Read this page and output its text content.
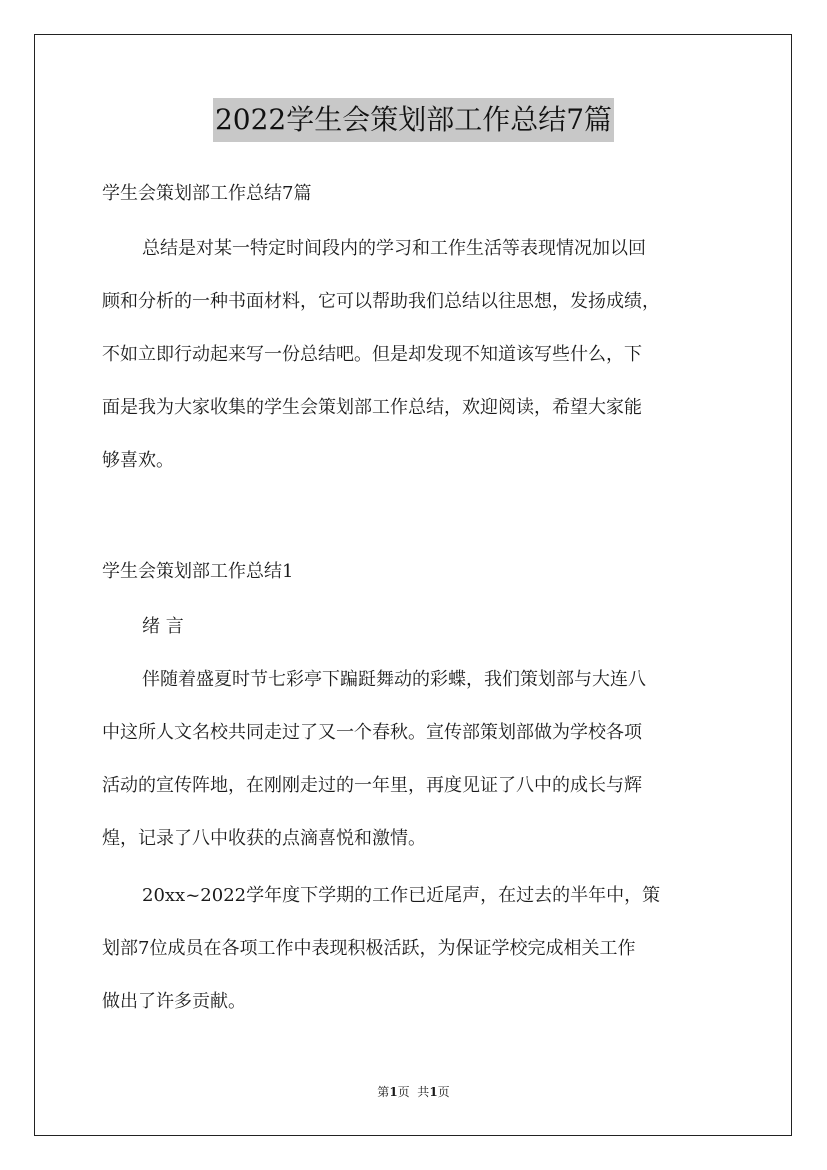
2022学生会策划部工作总结7篇
学生会策划部工作总结7篇
总结是对某一特定时间段内的学习和工作生活等表现情况加以回
顾和分析的一种书面材料，它可以帮助我们总结以往思想，发扬成绩，
不如立即行动起来写一份总结吧。但是却发现不知道该写些什么，下
面是我为大家收集的学生会策划部工作总结，欢迎阅读，希望大家能
够喜欢。
学生会策划部工作总结1
绪 言
伴随着盛夏时节七彩亭下蹁跹舞动的彩蝶，我们策划部与大连八
中这所人文名校共同走过了又一个春秋。宣传部策划部做为学校各项
活动的宣传阵地，在刚刚走过的一年里，再度见证了八中的成长与辉
煌，记录了八中收获的点滴喜悦和激情。
20xx~2022学年度下学期的工作已近尾声，在过去的半年中，策
划部7位成员在各项工作中表现积极活跃，为保证学校完成相关工作
做出了许多贡献。
第1页  共1页
